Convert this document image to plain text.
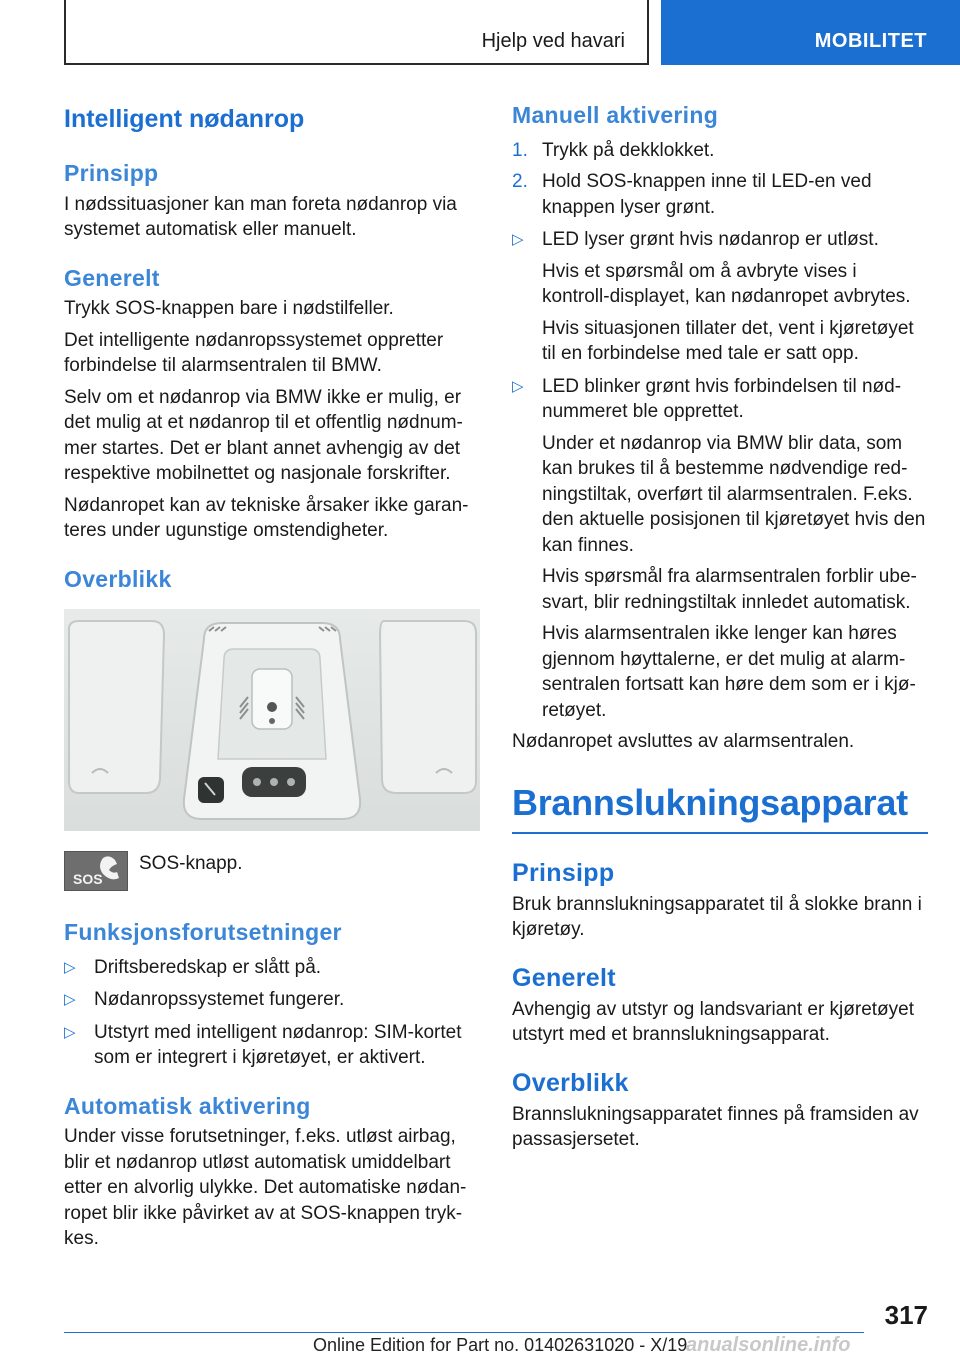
Hjelp ved havari	MOBILITET
Intelligent nødanrop
Prinsipp

I nødssituasjoner kan man foreta nødanrop via systemet automatisk eller manuelt.

Generelt

Trykk SOS-knappen bare i nødstilfeller.

Det intelligente nødanropssystemet oppretter forbindelse til alarmsentralen til BMW.

Selv om et nødanrop via BMW ikke er mulig, er det mulig at et nødanrop til et offentlig nødnum-mer startes. Det er blant annet avhengig av det respektive mobilnettet og nasjonale forskrifter.

Nødanropet kan av tekniske årsaker ikke garan-teres under ugunstige omstendigheter.

Overblikk
SOS
SOS-knapp.
Funksjonsforutsetninger
▷ Driftsberedskap er slått på.
▷ Nødanropssystemet fungerer.
▷ Utstyrt med intelligent nødanrop: SIM-kortet som er integrert i kjøretøyet, er aktivert.
Automatisk aktivering

Under visse forutsetninger, f.eks. utløst airbag, blir et nødanrop utløst automatisk umiddelbart etter en alvorlig ulykke. Det automatiske nødan-ropet blir ikke påvirket av at SOS-knappen tryk-kes.

Manuell aktivering
1. Trykk på dekklokket.
2. Hold SOS-knappen inne til LED-en ved knappen lyser grønt.
▷ LED lyser grønt hvis nødanrop er utløst.

Hvis et spørsmål om å avbryte vises i kontroll-displayet, kan nødanropet avbrytes.

Hvis situasjonen tillater det, vent i kjøretøyet til en forbindelse med tale er satt opp.

▷ LED blinker grønt hvis forbindelsen til nød-nummeret ble opprettet.

Under et nødanrop via BMW blir data, som kan brukes til å bestemme nødvendige red-ningstiltak, overført til alarmsentralen. F.eks. den aktuelle posisjonen til kjøretøyet hvis den kan finnes.

Hvis spørsmål fra alarmsentralen forblir ube-svart, blir redningstiltak innledet automatisk.

Hvis alarmsentralen ikke lenger kan høres gjennom høyttalerne, er det mulig at alarm-sentralen fortsatt kan høre dem som er i kjø-retøyet.

Nødanropet avsluttes av alarmsentralen.

Brannslukningsapparat
Prinsipp

Bruk brannslukningsapparatet til å slokke brann i kjøretøy.

Generelt

Avhengig av utstyr og landsvariant er kjøretøyet utstyrt med et brannslukningsapparat.

Overblikk

Brannslukningsapparatet finnes på framsiden av passasjersetet.

317
Online Edition for Part no. 01402631020 - X/19
anualsonline.info
